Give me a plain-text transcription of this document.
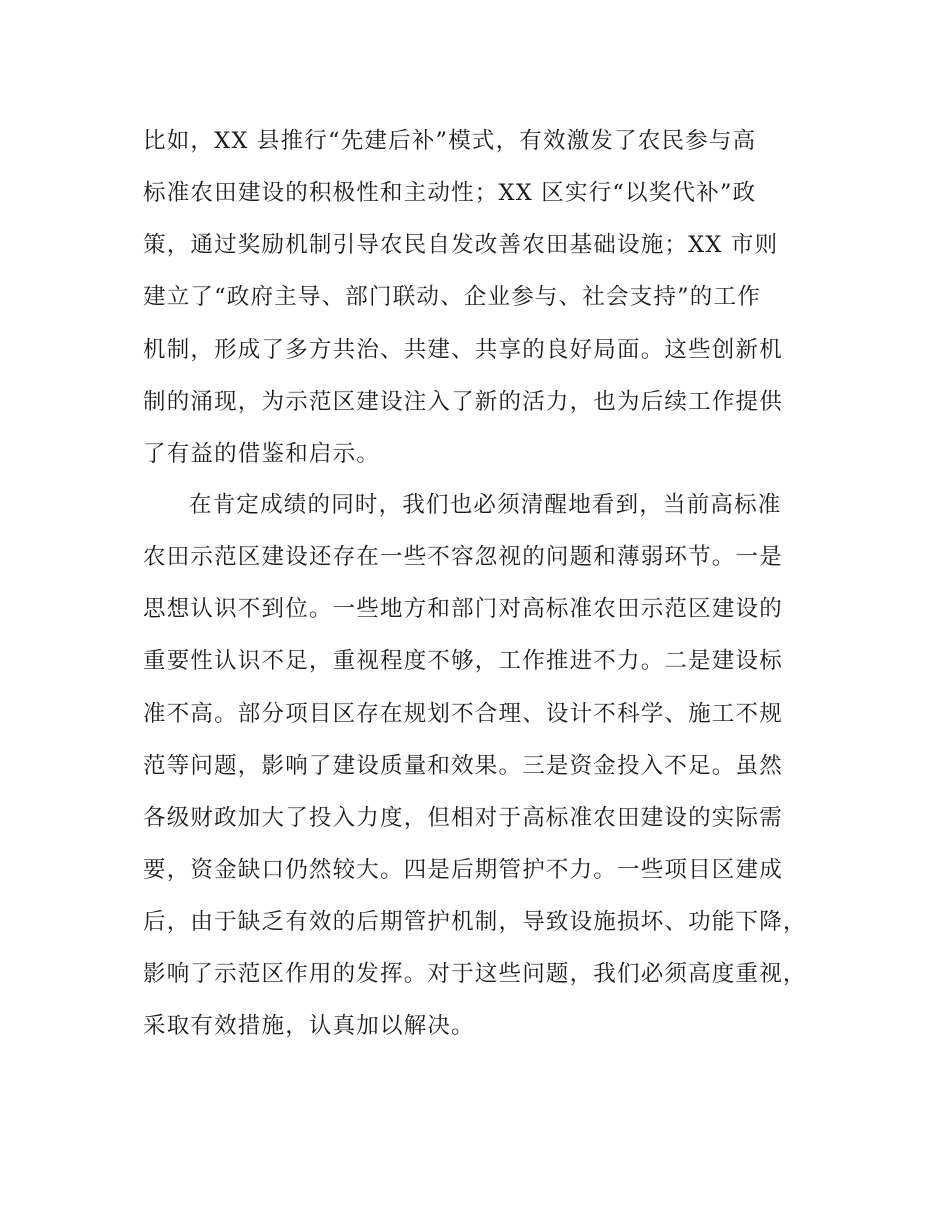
比如，XX 县推行“先建后补”模式，有效激发了农民参与高
标准农田建设的积极性和主动性；XX 区实行“以奖代补”政
策，通过奖励机制引导农民自发改善农田基础设施；XX 市则
建立了“政府主导、部门联动、企业参与、社会支持”的工作
机制，形成了多方共治、共建、共享的良好局面。这些创新机
制的涌现，为示范区建设注入了新的活力，也为后续工作提供
了有益的借鉴和启示。
在肯定成绩的同时，我们也必须清醒地看到，当前高标准
农田示范区建设还存在一些不容忽视的问题和薄弱环节。一是
思想认识不到位。一些地方和部门对高标准农田示范区建设的
重要性认识不足，重视程度不够，工作推进不力。二是建设标
准不高。部分项目区存在规划不合理、设计不科学、施工不规
范等问题，影响了建设质量和效果。三是资金投入不足。虽然
各级财政加大了投入力度，但相对于高标准农田建设的实际需
要，资金缺口仍然较大。四是后期管护不力。一些项目区建成
后，由于缺乏有效的后期管护机制，导致设施损坏、功能下降，
影响了示范区作用的发挥。对于这些问题，我们必须高度重视，
采取有效措施，认真加以解决。
